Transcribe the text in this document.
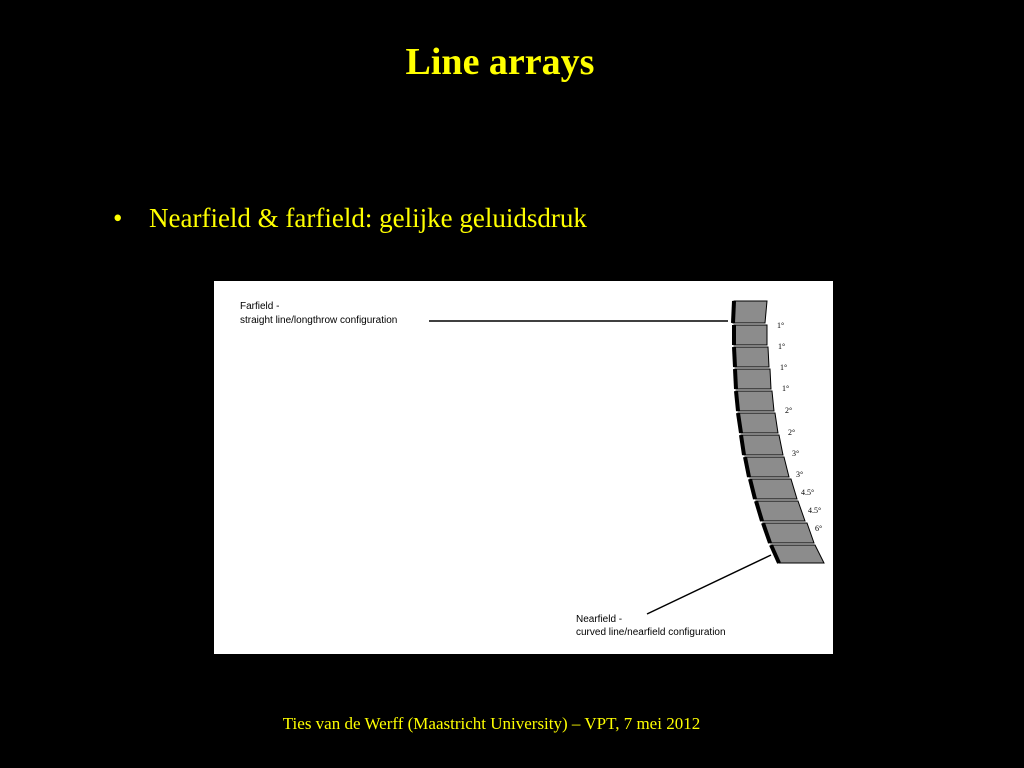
Line arrays
• Nearfield & farfield: gelijke geluidsdruk
Farfield -
straight line/longthrow configuration	1°
1°
1°
1°
2°
2°
3°
3°
4.5°
4.5°
6°
Nearfield -
curved line/nearfield configuration
Ties van de Werff (Maastricht University) – VPT, 7 mei 2012
